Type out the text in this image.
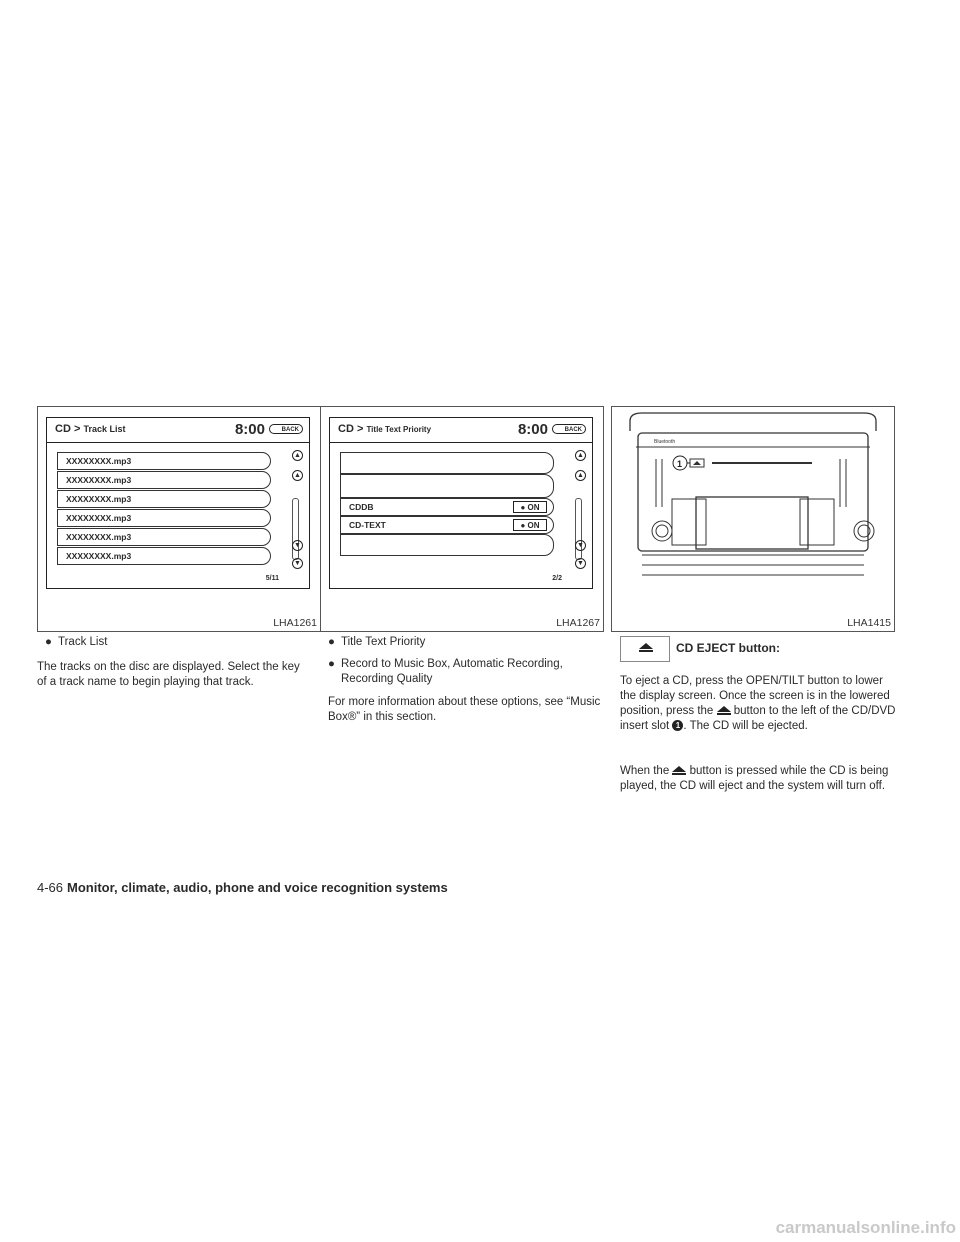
CD > Track List	8:00	BACK
XXXXXXXX.mp3
XXXXXXXX.mp3
XXXXXXXX.mp3
XXXXXXXX.mp3
XXXXXXXX.mp3
XXXXXXXX.mp3
▲
▲
▼
▼
5/11
LHA1261
CD > Title Text Priority	8:00	BACK
CDDB	● ON
CD-TEXT	● ON
▲
▲
▼
▼
2/2
LHA1267
Bluetooth
1
LHA1415
● Track List
The tracks on the disc are displayed. Select the key of a track name to begin playing that track.
● Title Text Priority
● Record to Music Box, Automatic Recording, Recording Quality
For more information about these options, see “Music Box®” in this section.
CD EJECT button:
To eject a CD, press the OPEN/TILT button to lower the display screen. Once the screen is in the lowered position, press the button to the left of the CD/DVD insert slot 1 . The CD will be ejected.
When the button is pressed while the CD is being played, the CD will eject and the system will turn off.
4-66 Monitor, climate, audio, phone and voice recognition systems
carmanualsonline.info
